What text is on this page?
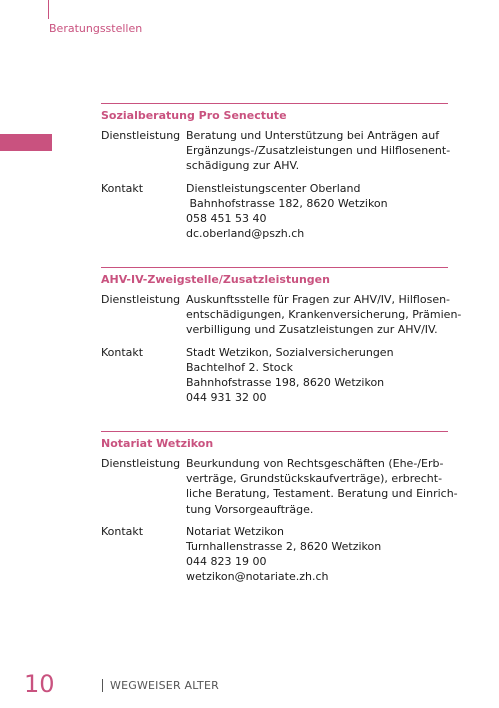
Beratungsstellen
Sozialberatung Pro Senectute
Dienstleistung Beratung und Unterstützung bei Anträgen auf
Ergänzungs-/Zusatzleistungen und Hilflosenent-
schädigung zur AHV.
Kontakt	Dienstleistungscenter Oberland
Bahnhofstrasse 182, 8620 Wetzikon
058 451 53 40
dc.oberland@pszh.ch
AHV-IV-Zweigstelle/Zusatzleistungen
Dienstleistung Auskunftsstelle für Fragen zur AHV/IV, Hilflosen-
entschädigungen, Krankenversicherung, Prämien-
verbilligung und Zusatzleistungen zur AHV/IV.
Kontakt	Stadt Wetzikon, Sozialversicherungen
Bachtelhof 2. Stock
Bahnhofstrasse 198, 8620 Wetzikon
044 931 32 00
Notariat Wetzikon
Dienstleistung Beurkundung von Rechtsgeschäften (Ehe-/Erb-
verträge, Grundstückskaufverträge), erbrecht-
liche Beratung, Testament. Beratung und Einrich-
tung Vorsorgeaufträge.
Kontakt	Notariat Wetzikon
Turnhallenstrasse 2, 8620 Wetzikon
044 823 19 00
wetzikon@notariate.zh.ch
10	WEGWEISER ALTER
